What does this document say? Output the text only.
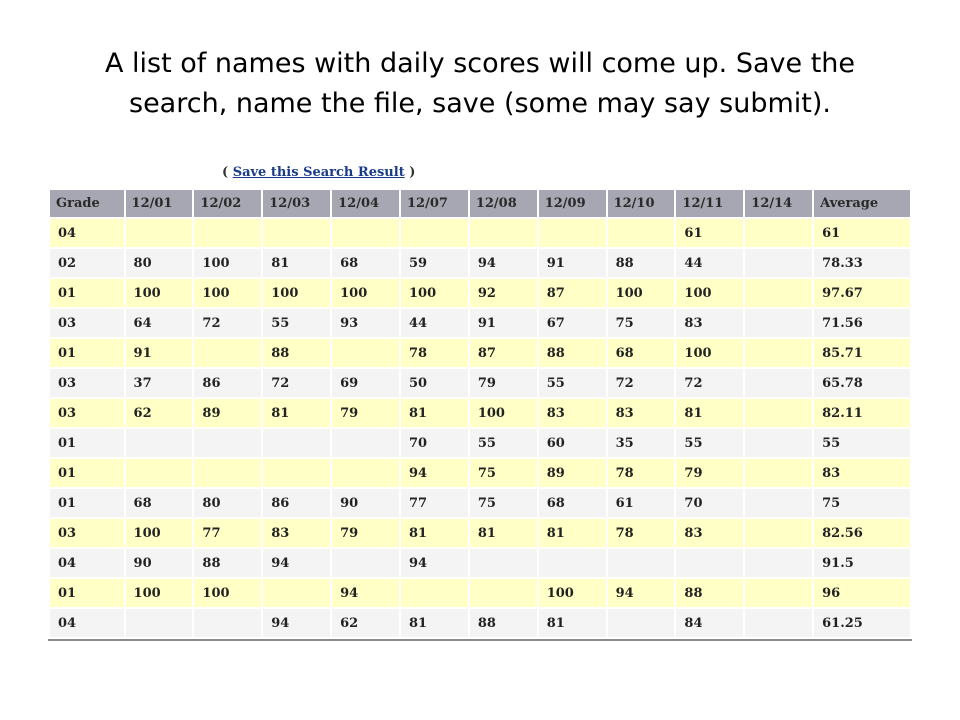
A list of names with daily scores will come up. Save the
search, name the file, save (some may say submit).
( Save this Search Result )
Grade	12/01	12/02	12/03	12/04	12/07	12/08	12/09	12/10	12/11	12/14	Average
04									61		61
02	80	100	81	68	59	94	91	88	44		78.33
01	100	100	100	100	100	92	87	100	100		97.67
03	64	72	55	93	44	91	67	75	83		71.56
01	91		88		78	87	88	68	100		85.71
03	37	86	72	69	50	79	55	72	72		65.78
03	62	89	81	79	81	100	83	83	81		82.11
01					70	55	60	35	55		55
01					94	75	89	78	79		83
01	68	80	86	90	77	75	68	61	70		75
03	100	77	83	79	81	81	81	78	83		82.56
04	90	88	94		94						91.5
01	100	100		94			100	94	88		96
04			94	62	81	88	81		84		61.25
